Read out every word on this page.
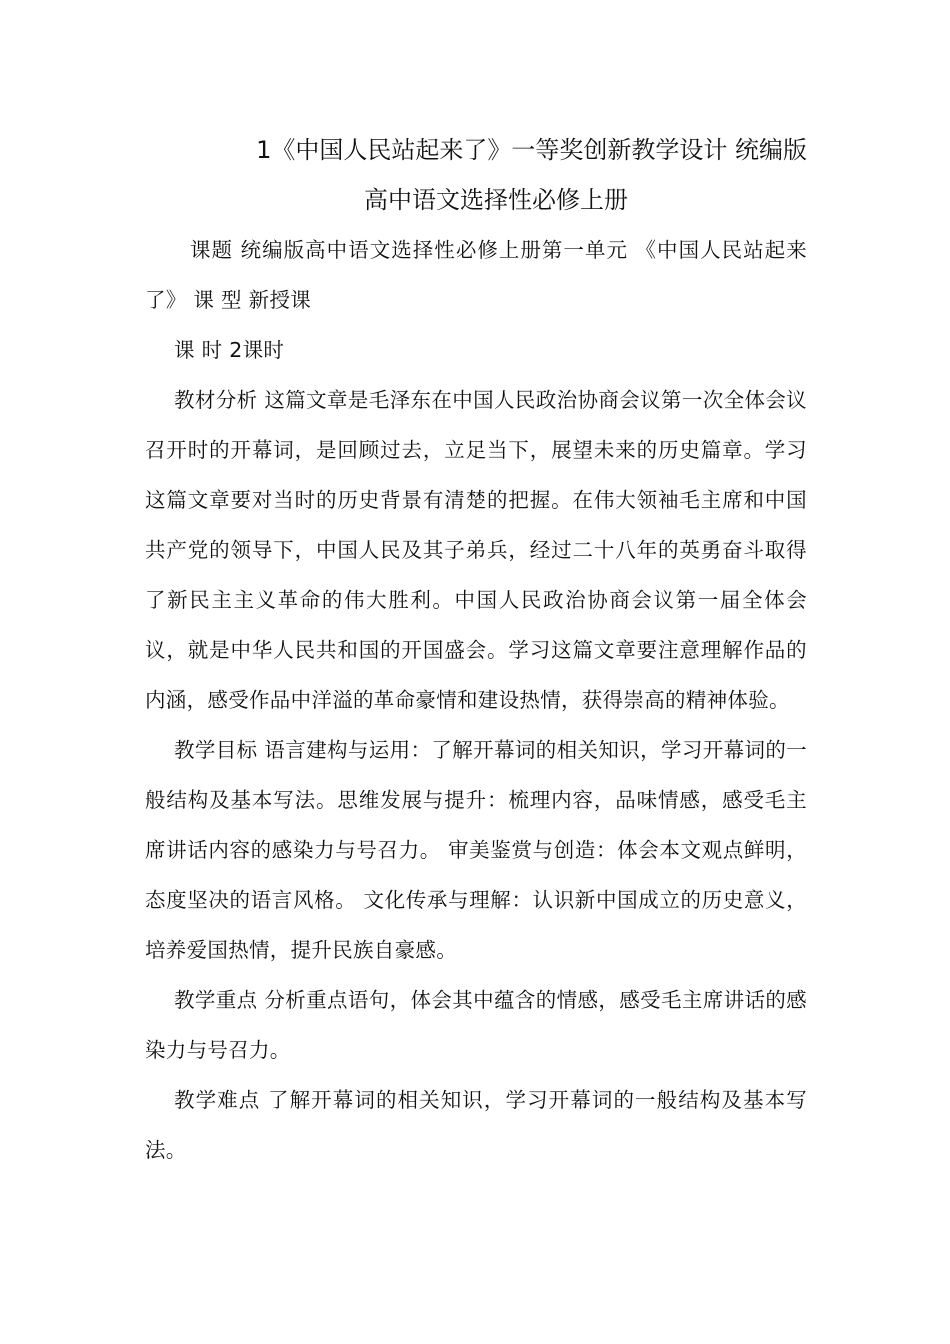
1《中国人民站起来了》一等奖创新教学设计 统编版
高中语文选择性必修上册

课题 统编版高中语文选择性必修上册第一单元 《中国人民站起来了》 课 型 新授课

课 时 2课时

教材分析 这篇文章是毛泽东在中国人民政治协商会议第一次全体会议召开时的开幕词，是回顾过去，立足当下，展望未来的历史篇章。学习这篇文章要对当时的历史背景有清楚的把握。在伟大领袖毛主席和中国共产党的领导下，中国人民及其子弟兵，经过二十八年的英勇奋斗取得了新民主主义革命的伟大胜利。中国人民政治协商会议第一届全体会议，就是中华人民共和国的开国盛会。学习这篇文章要注意理解作品的内涵，感受作品中洋溢的革命豪情和建设热情，获得崇高的精神体验。

教学目标 语言建构与运用：了解开幕词的相关知识，学习开幕词的一般结构及基本写法。思维发展与提升：梳理内容，品味情感，感受毛主席讲话内容的感染力与号召力。 审美鉴赏与创造：体会本文观点鲜明，态度坚决的语言风格。 文化传承与理解：认识新中国成立的历史意义，培养爱国热情，提升民族自豪感。

教学重点 分析重点语句，体会其中蕴含的情感，感受毛主席讲话的感染力与号召力。

教学难点 了解开幕词的相关知识，学习开幕词的一般结构及基本写法。
